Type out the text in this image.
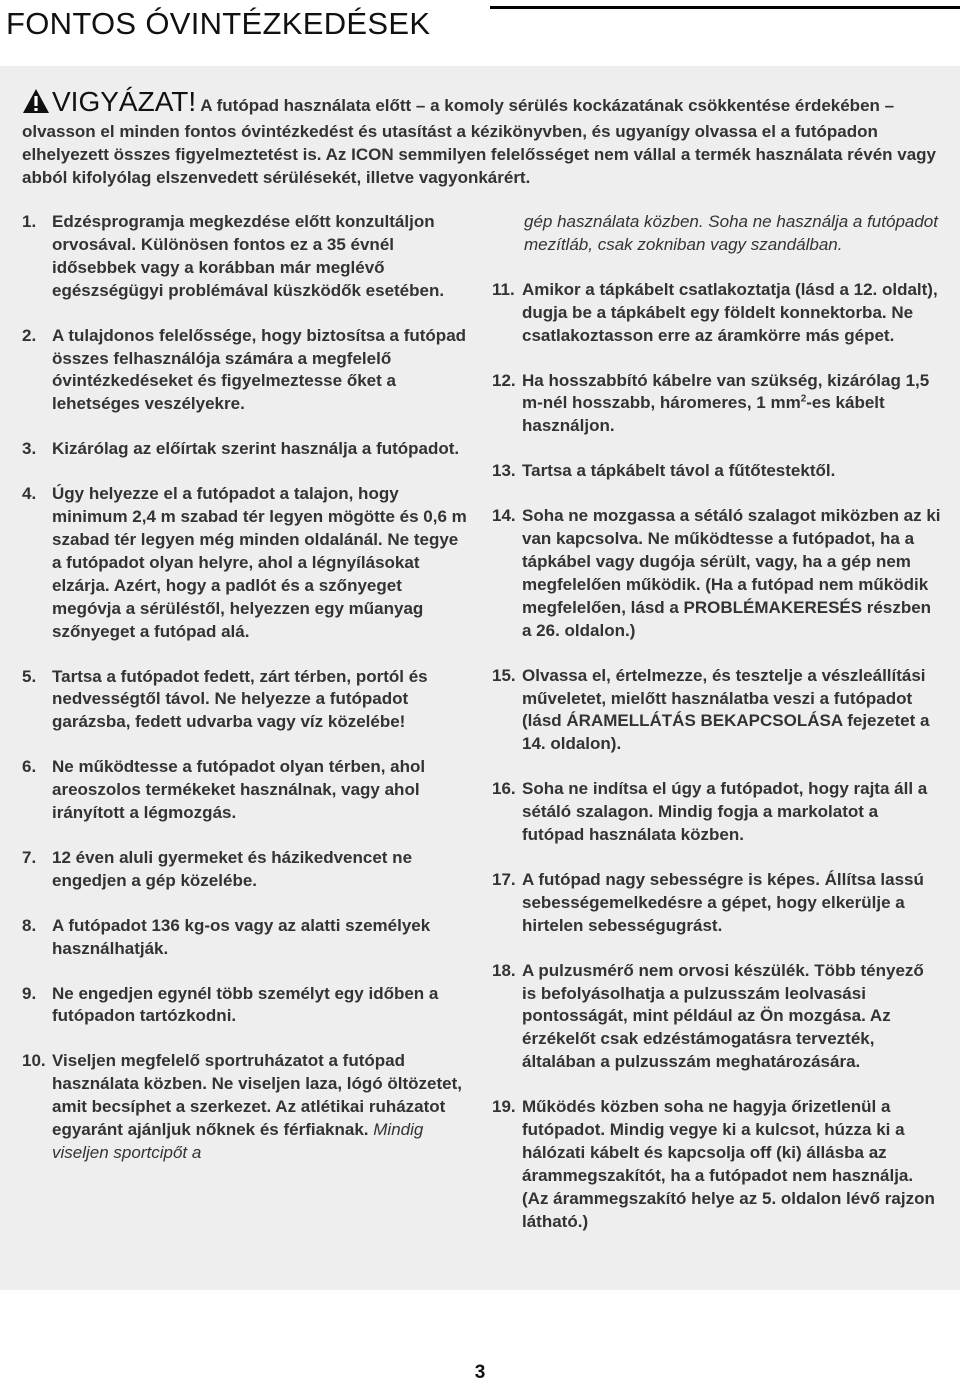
FONTOS ÓVINTÉZKEDÉSEK
VIGYÁZAT! A futópad használata előtt – a komoly sérülés kockázatának csökkentése érdekében – olvasson el minden fontos óvintézkedést és utasítást a kézikönyvben, és ugyanígy olvassa el a futópadon elhelyezett összes figyelmeztetést is. Az ICON semmilyen felelősséget nem vállal a termék használata révén vagy abból kifolyólag elszenvedett sérülésekét, illetve vagyonkárért.
1. Edzésprogramja megkezdése előtt konzultáljon orvosával. Különösen fontos ez a 35 évnél idősebbek vagy a korábban már meglévő egészségügyi problémával küszködők esetében.
2. A tulajdonos felelőssége, hogy biztosítsa a futópad összes felhasználója számára a megfelelő óvintézkedéseket és figyelmeztesse őket a lehetséges veszélyekre.
3. Kizárólag az előírtak szerint használja a futópadot.
4. Úgy helyezze el a futópadot a talajon, hogy minimum 2,4 m szabad tér legyen mögötte és 0,6 m szabad tér legyen még minden oldalánál. Ne tegye a futópadot olyan helyre, ahol a légnyílásokat elzárja. Azért, hogy a padlót és a szőnyeget megóvja a sérüléstől, helyezzen egy műanyag szőnyeget a futópad alá.
5. Tartsa a futópadot fedett, zárt térben, portól és nedvességtől távol. Ne helyezze a futópadot garázsba, fedett udvarba vagy víz közelébe!
6. Ne működtesse a futópadot olyan térben, ahol areoszolos termékeket használnak, vagy ahol irányított a légmozgás.
7. 12 éven aluli gyermeket és házikedvencet ne engedjen a gép közelébe.
8. A futópadot 136 kg-os vagy az alatti személyek használhatják.
9. Ne engedjen egynél több személyt egy időben a futópadon tartózkodni.
10. Viseljen megfelelő sportruházatot a futópad használata közben. Ne viseljen laza, lógó öltözetet, amit becsíphet a szerkezet. Az atlétikai ruházatot egyaránt ajánljuk nőknek és férfiaknak. Mindig viseljen sportcipőt a
gép használata közben. Soha ne használja a futópadot mezítláb, csak zokniban vagy szandálban.
11. Amikor a tápkábelt csatlakoztatja (lásd a 12. oldalt), dugja be a tápkábelt egy földelt konnektorba. Ne csatlakoztasson erre az áramkörre más gépet.
12. Ha hosszabbító kábelre van szükség, kizárólag 1,5 m-nél hosszabb, háromeres, 1 $mm^2-es$ kábelt használjon.
13. Tartsa a tápkábelt távol a fűtőtestektől.
14. Soha ne mozgassa a sétáló szalagot miközben az ki van kapcsolva. Ne működtesse a futópadot, ha a tápkábel vagy dugója sérült, vagy, ha a gép nem megfelelően működik. (Ha a futópad nem működik megfelelően, lásd a PROBLÉMAKERESÉS részben a 26. oldalon.)
15. Olvassa el, értelmezze, és tesztelje a vészleállítási műveletet, mielőtt használatba veszi a futópadot (lásd ÁRAMELLÁTÁS BEKAPCSOLÁSA fejezetet a 14. oldalon).
16. Soha ne indítsa el úgy a futópadot, hogy rajta áll a sétáló szalagon. Mindig fogja a markolatot a futópad használata közben.
17. A futópad nagy sebességre is képes. Állítsa lassú sebességemelkedésre a gépet, hogy elkerülje a hirtelen sebességugrást.
18. A pulzusmérő nem orvosi készülék. Több tényező is befolyásolhatja a pulzusszám leolvasási pontosságát, mint például az Ön mozgása. Az érzékelőt csak edzéstámogatásra tervezték, általában a pulzusszám meghatározására.
19. Működés közben soha ne hagyja őrizetlenül a futópadot. Mindig vegye ki a kulcsot, húzza ki a hálózati kábelt és kapcsolja off (ki) állásba az árammegszakítót, ha a futópadot nem használja. (Az árammegszakító helye az 5. oldalon lévő rajzon látható.)
3
